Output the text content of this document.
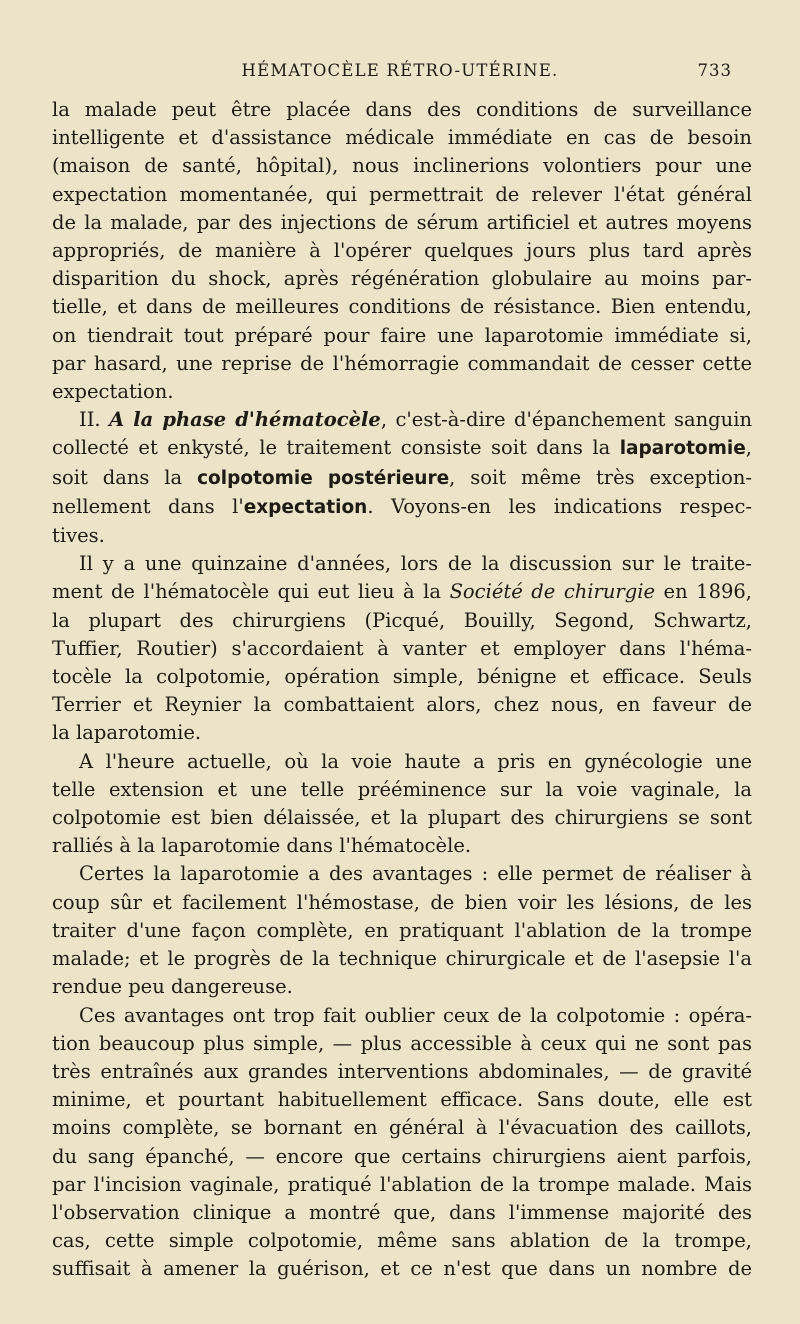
HÉMATOCÈLE RÉTRO-UTÉRINE.	733

la malade peut être placée dans des conditions de surveillance
intelligente et d'assistance médicale immédiate en cas de besoin
(maison de santé, hôpital), nous inclinerions volontiers pour une
expectation momentanée, qui permettrait de relever l'état général
de la malade, par des injections de sérum artificiel et autres moyens
appropriés, de manière à l'opérer quelques jours plus tard après
disparition du shock, après régénération globulaire au moins par-
tielle, et dans de meilleures conditions de résistance. Bien entendu,
on tiendrait tout préparé pour faire une laparotomie immédiate si,
par hasard, une reprise de l'hémorragie commandait de cesser cette
expectation.

II. A la phase d'hématocèle, c'est-à-dire d'épanchement sanguin
collecté et enkysté, le traitement consiste soit dans la laparotomie,
soit dans la colpotomie postérieure, soit même très exception-
nellement dans l'expectation. Voyons-en les indications respec-
tives.

Il y a une quinzaine d'années, lors de la discussion sur le traite-
ment de l'hématocèle qui eut lieu à la Société de chirurgie en 1896,
la plupart des chirurgiens (Picqué, Bouilly, Segond, Schwartz,
Tuffier, Routier) s'accordaient à vanter et employer dans l'héma-
tocèle la colpotomie, opération simple, bénigne et efficace. Seuls
Terrier et Reynier la combattaient alors, chez nous, en faveur de
la laparotomie.

A l'heure actuelle, où la voie haute a pris en gynécologie une
telle extension et une telle prééminence sur la voie vaginale, la
colpotomie est bien délaissée, et la plupart des chirurgiens se sont
ralliés à la laparotomie dans l'hématocèle.

Certes la laparotomie a des avantages : elle permet de réaliser à
coup sûr et facilement l'hémostase, de bien voir les lésions, de les
traiter d'une façon complète, en pratiquant l'ablation de la trompe
malade; et le progrès de la technique chirurgicale et de l'asepsie l'a
rendue peu dangereuse.

Ces avantages ont trop fait oublier ceux de la colpotomie : opéra-
tion beaucoup plus simple, — plus accessible à ceux qui ne sont pas
très entraînés aux grandes interventions abdominales, — de gravité
minime, et pourtant habituellement efficace. Sans doute, elle est
moins complète, se bornant en général à l'évacuation des caillots,
du sang épanché, — encore que certains chirurgiens aient parfois,
par l'incision vaginale, pratiqué l'ablation de la trompe malade. Mais
l'observation clinique a montré que, dans l'immense majorité des
cas, cette simple colpotomie, même sans ablation de la trompe,
suffisait à amener la guérison, et ce n'est que dans un nombre de
